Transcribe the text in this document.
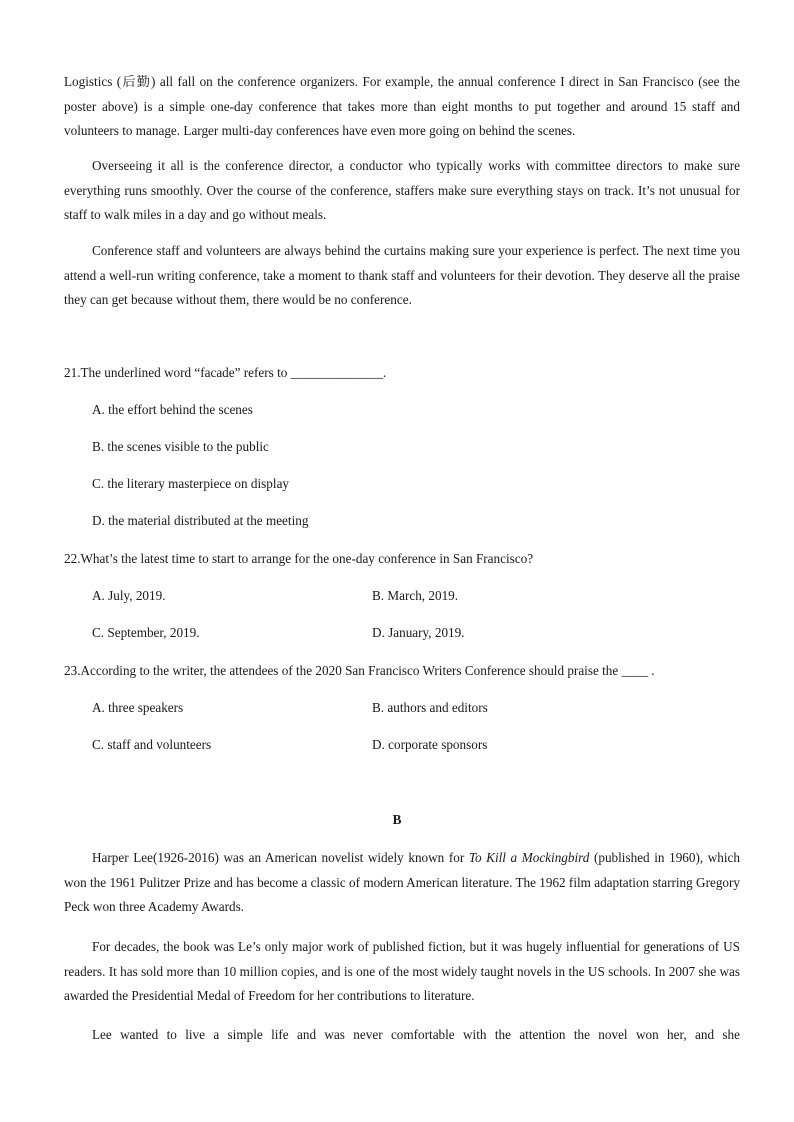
Logistics (后勤) all fall on the conference organizers. For example, the annual conference I direct in San Francisco (see the poster above) is a simple one-day conference that takes more than eight months to put together and around 15 staff and volunteers to manage. Larger multi-day conferences have even more going on behind the scenes.

Overseeing it all is the conference director, a conductor who typically works with committee directors to make sure everything runs smoothly. Over the course of the conference, staffers make sure everything stays on track. It’s not unusual for staff to walk miles in a day and go without meals.

Conference staff and volunteers are always behind the curtains making sure your experience is perfect. The next time you attend a well-run writing conference, take a moment to thank staff and volunteers for their devotion. They deserve all the praise they can get because without them, there would be no conference.

21.The underlined word “facade” refers to ______________.

A. the effort behind the scenes

B. the scenes visible to the public

C. the literary masterpiece on display

D. the material distributed at the meeting

22.What’s the latest time to start to arrange for the one-day conference in San Francisco?

A. July, 2019.	B. March, 2019.

C. September, 2019.	D. January, 2019.

23.According to the writer, the attendees of the 2020 San Francisco Writers Conference should praise the ____ .

A. three speakers	B. authors and editors

C. staff and volunteers	D. corporate sponsors

B

Harper Lee(1926-2016) was an American novelist widely known for To Kill a Mockingbird (published in 1960), which won the 1961 Pulitzer Prize and has become a classic of modern American literature. The 1962 film adaptation starring Gregory Peck won three Academy Awards.

For decades, the book was Le’s only major work of published fiction, but it was hugely influential for generations of US readers. It has sold more than 10 million copies, and is one of the most widely taught novels in the US schools. In 2007 she was awarded the Presidential Medal of Freedom for her contributions to literature.

Lee wanted to live a simple life and was never comfortable with the attention the novel won her, and she
